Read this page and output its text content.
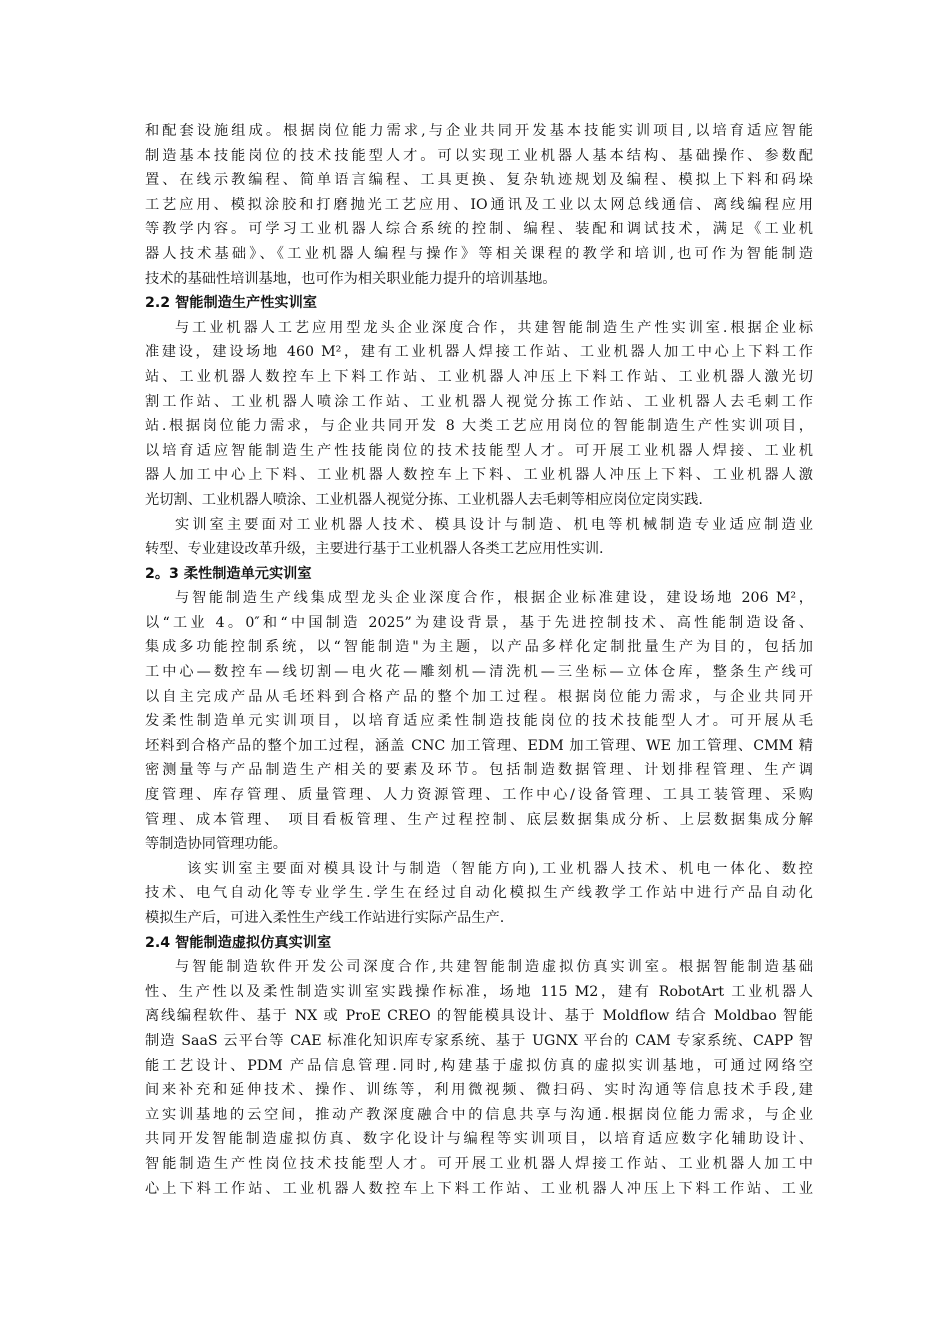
和配套设施组成。根据岗位能力需求,与企业共同开发基本技能实训项目,以培育适应智能
制造基本技能岗位的技术技能型人才。可以实现工业机器人基本结构、基础操作、参数配
置、在线示教编程、简单语言编程、工具更换、复杂轨迹规划及编程、模拟上下料和码垛
工艺应用、模拟涂胶和打磨抛光工艺应用、IO通讯及工业以太网总线通信、离线编程应用
等教学内容。可学习工业机器人综合系统的控制、编程、装配和调试技术，满足《工业机
器人技术基础》、《工业机器人编程与操作》等相关课程的教学和培训,也可作为智能制造
技术的基础性培训基地，也可作为相关职业能力提升的培训基地。
2.2 智能制造生产性实训室
与工业机器人工艺应用型龙头企业深度合作，共建智能制造生产性实训室.根据企业标
准建设，建设场地 460 M²，建有工业机器人焊接工作站、工业机器人加工中心上下料工作
站、工业机器人数控车上下料工作站、工业机器人冲压上下料工作站、工业机器人激光切
割工作站、工业机器人喷涂工作站、工业机器人视觉分拣工作站、工业机器人去毛刺工作
站.根据岗位能力需求，与企业共同开发 8 大类工艺应用岗位的智能制造生产性实训项目，
以培育适应智能制造生产性技能岗位的技术技能型人才。可开展工业机器人焊接、工业机
器人加工中心上下料、工业机器人数控车上下料、工业机器人冲压上下料、工业机器人激
光切割、工业机器人喷涂、工业机器人视觉分拣、工业机器人去毛刺等相应岗位定岗实践.
实训室主要面对工业机器人技术、模具设计与制造、机电等机械制造专业适应制造业
转型、专业建设改革升级，主要进行基于工业机器人各类工艺应用性实训.
2。3 柔性制造单元实训室
与智能制造生产线集成型龙头企业深度合作，根据企业标准建设，建设场地 206 M²，
以“工业 4。0″和“中国制造 2025”为建设背景，基于先进控制技术、高性能制造设备、
集成多功能控制系统，以“智能制造"为主题，以产品多样化定制批量生产为目的，包括加
工中心—数控车—线切割—电火花—雕刻机—清洗机—三坐标—立体仓库，整条生产线可
以自主完成产品从毛坯料到合格产品的整个加工过程。根据岗位能力需求，与企业共同开
发柔性制造单元实训项目，以培育适应柔性制造技能岗位的技术技能型人才。可开展从毛
坯料到合格产品的整个加工过程，涵盖 CNC 加工管理、EDM 加工管理、WE 加工管理、CMM 精
密测量等与产品制造生产相关的要素及环节。包括制造数据管理、计划排程管理、生产调
度管理、库存管理、质量管理、人力资源管理、工作中心/设备管理、工具工装管理、采购
管理、成本管理、 项目看板管理、生产过程控制、底层数据集成分析、上层数据集成分解
等制造协同管理功能。
该实训室主要面对模具设计与制造（智能方向),工业机器人技术、机电一体化、数控
技术、电气自动化等专业学生.学生在经过自动化模拟生产线教学工作站中进行产品自动化
模拟生产后，可进入柔性生产线工作站进行实际产品生产.
2.4 智能制造虚拟仿真实训室
与智能制造软件开发公司深度合作,共建智能制造虚拟仿真实训室。根据智能制造基础
性、生产性以及柔性制造实训室实践操作标准，场地 115 M2，建有 RobotArt 工业机器人
离线编程软件、基于 NX 或 ProE CREO 的智能模具设计、基于 Moldflow 结合 Moldbao 智能
制造 SaaS 云平台等 CAE 标准化知识库专家系统、基于 UGNX 平台的 CAM 专家系统、CAPP 智
能工艺设计、PDM 产品信息管理.同时,构建基于虚拟仿真的虚拟实训基地，可通过网络空
间来补充和延伸技术、操作、训练等，利用微视频、微扫码、实时沟通等信息技术手段,建
立实训基地的云空间，推动产教深度融合中的信息共享与沟通.根据岗位能力需求，与企业
共同开发智能制造虚拟仿真、数字化设计与编程等实训项目，以培育适应数字化辅助设计、
智能制造生产性岗位技术技能型人才。可开展工业机器人焊接工作站、工业机器人加工中
心上下料工作站、工业机器人数控车上下料工作站、工业机器人冲压上下料工作站、工业
